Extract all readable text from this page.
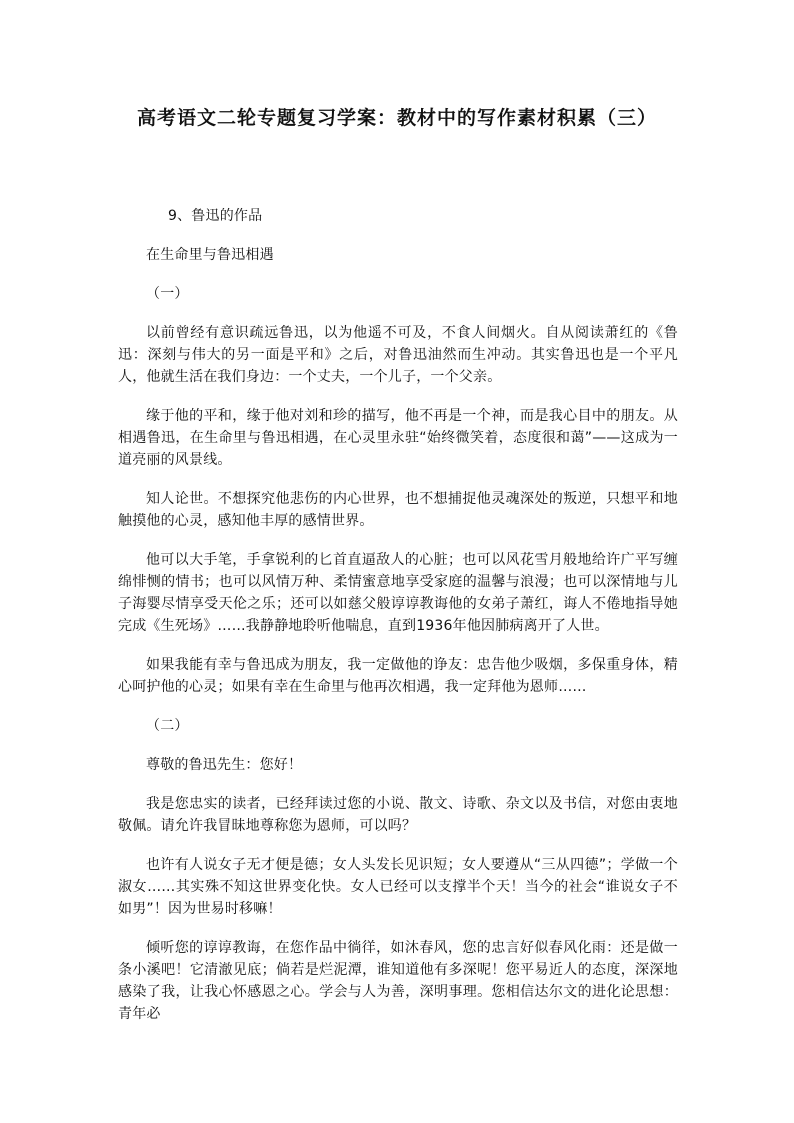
高考语文二轮专题复习学案：教材中的写作素材积累（三）

9、鲁迅的作品

在生命里与鲁迅相遇

（一）

以前曾经有意识疏远鲁迅，以为他遥不可及，不食人间烟火。自从阅读萧红的《鲁迅：深刻与伟大的另一面是平和》之后，对鲁迅油然而生冲动。其实鲁迅也是一个平凡人，他就生活在我们身边：一个丈夫，一个儿子，一个父亲。

缘于他的平和，缘于他对刘和珍的描写，他不再是一个神，而是我心目中的朋友。从相遇鲁迅，在生命里与鲁迅相遇，在心灵里永驻“始终微笑着，态度很和蔼”——这成为一道亮丽的风景线。

知人论世。不想探究他悲伤的内心世界，也不想捕捉他灵魂深处的叛逆，只想平和地触摸他的心灵，感知他丰厚的感情世界。

他可以大手笔，手拿锐利的匕首直逼敌人的心脏；也可以风花雪月般地给许广平写缠绵悱恻的情书；也可以风情万种、柔情蜜意地享受家庭的温馨与浪漫；也可以深情地与儿子海婴尽情享受天伦之乐；还可以如慈父般谆谆教诲他的女弟子萧红，诲人不倦地指导她完成《生死场》……我静静地聆听他喘息，直到1936年他因肺病离开了人世。

如果我能有幸与鲁迅成为朋友，我一定做他的诤友：忠告他少吸烟，多保重身体，精心呵护他的心灵；如果有幸在生命里与他再次相遇，我一定拜他为恩师……

（二）

尊敬的鲁迅先生：您好！

我是您忠实的读者，已经拜读过您的小说、散文、诗歌、杂文以及书信，对您由衷地敬佩。请允许我冒昧地尊称您为恩师，可以吗？

也许有人说女子无才便是德；女人头发长见识短；女人要遵从“三从四德”；学做一个淑女……其实殊不知这世界变化快。女人已经可以支撑半个天！当今的社会“谁说女子不如男”！因为世易时移嘛！

倾听您的谆谆教诲，在您作品中徜徉，如沐春风，您的忠言好似春风化雨：还是做一条小溪吧！它清澈见底；倘若是烂泥潭，谁知道他有多深呢！您平易近人的态度，深深地感染了我，让我心怀感恩之心。学会与人为善，深明事理。您相信达尔文的进化论思想：青年必
